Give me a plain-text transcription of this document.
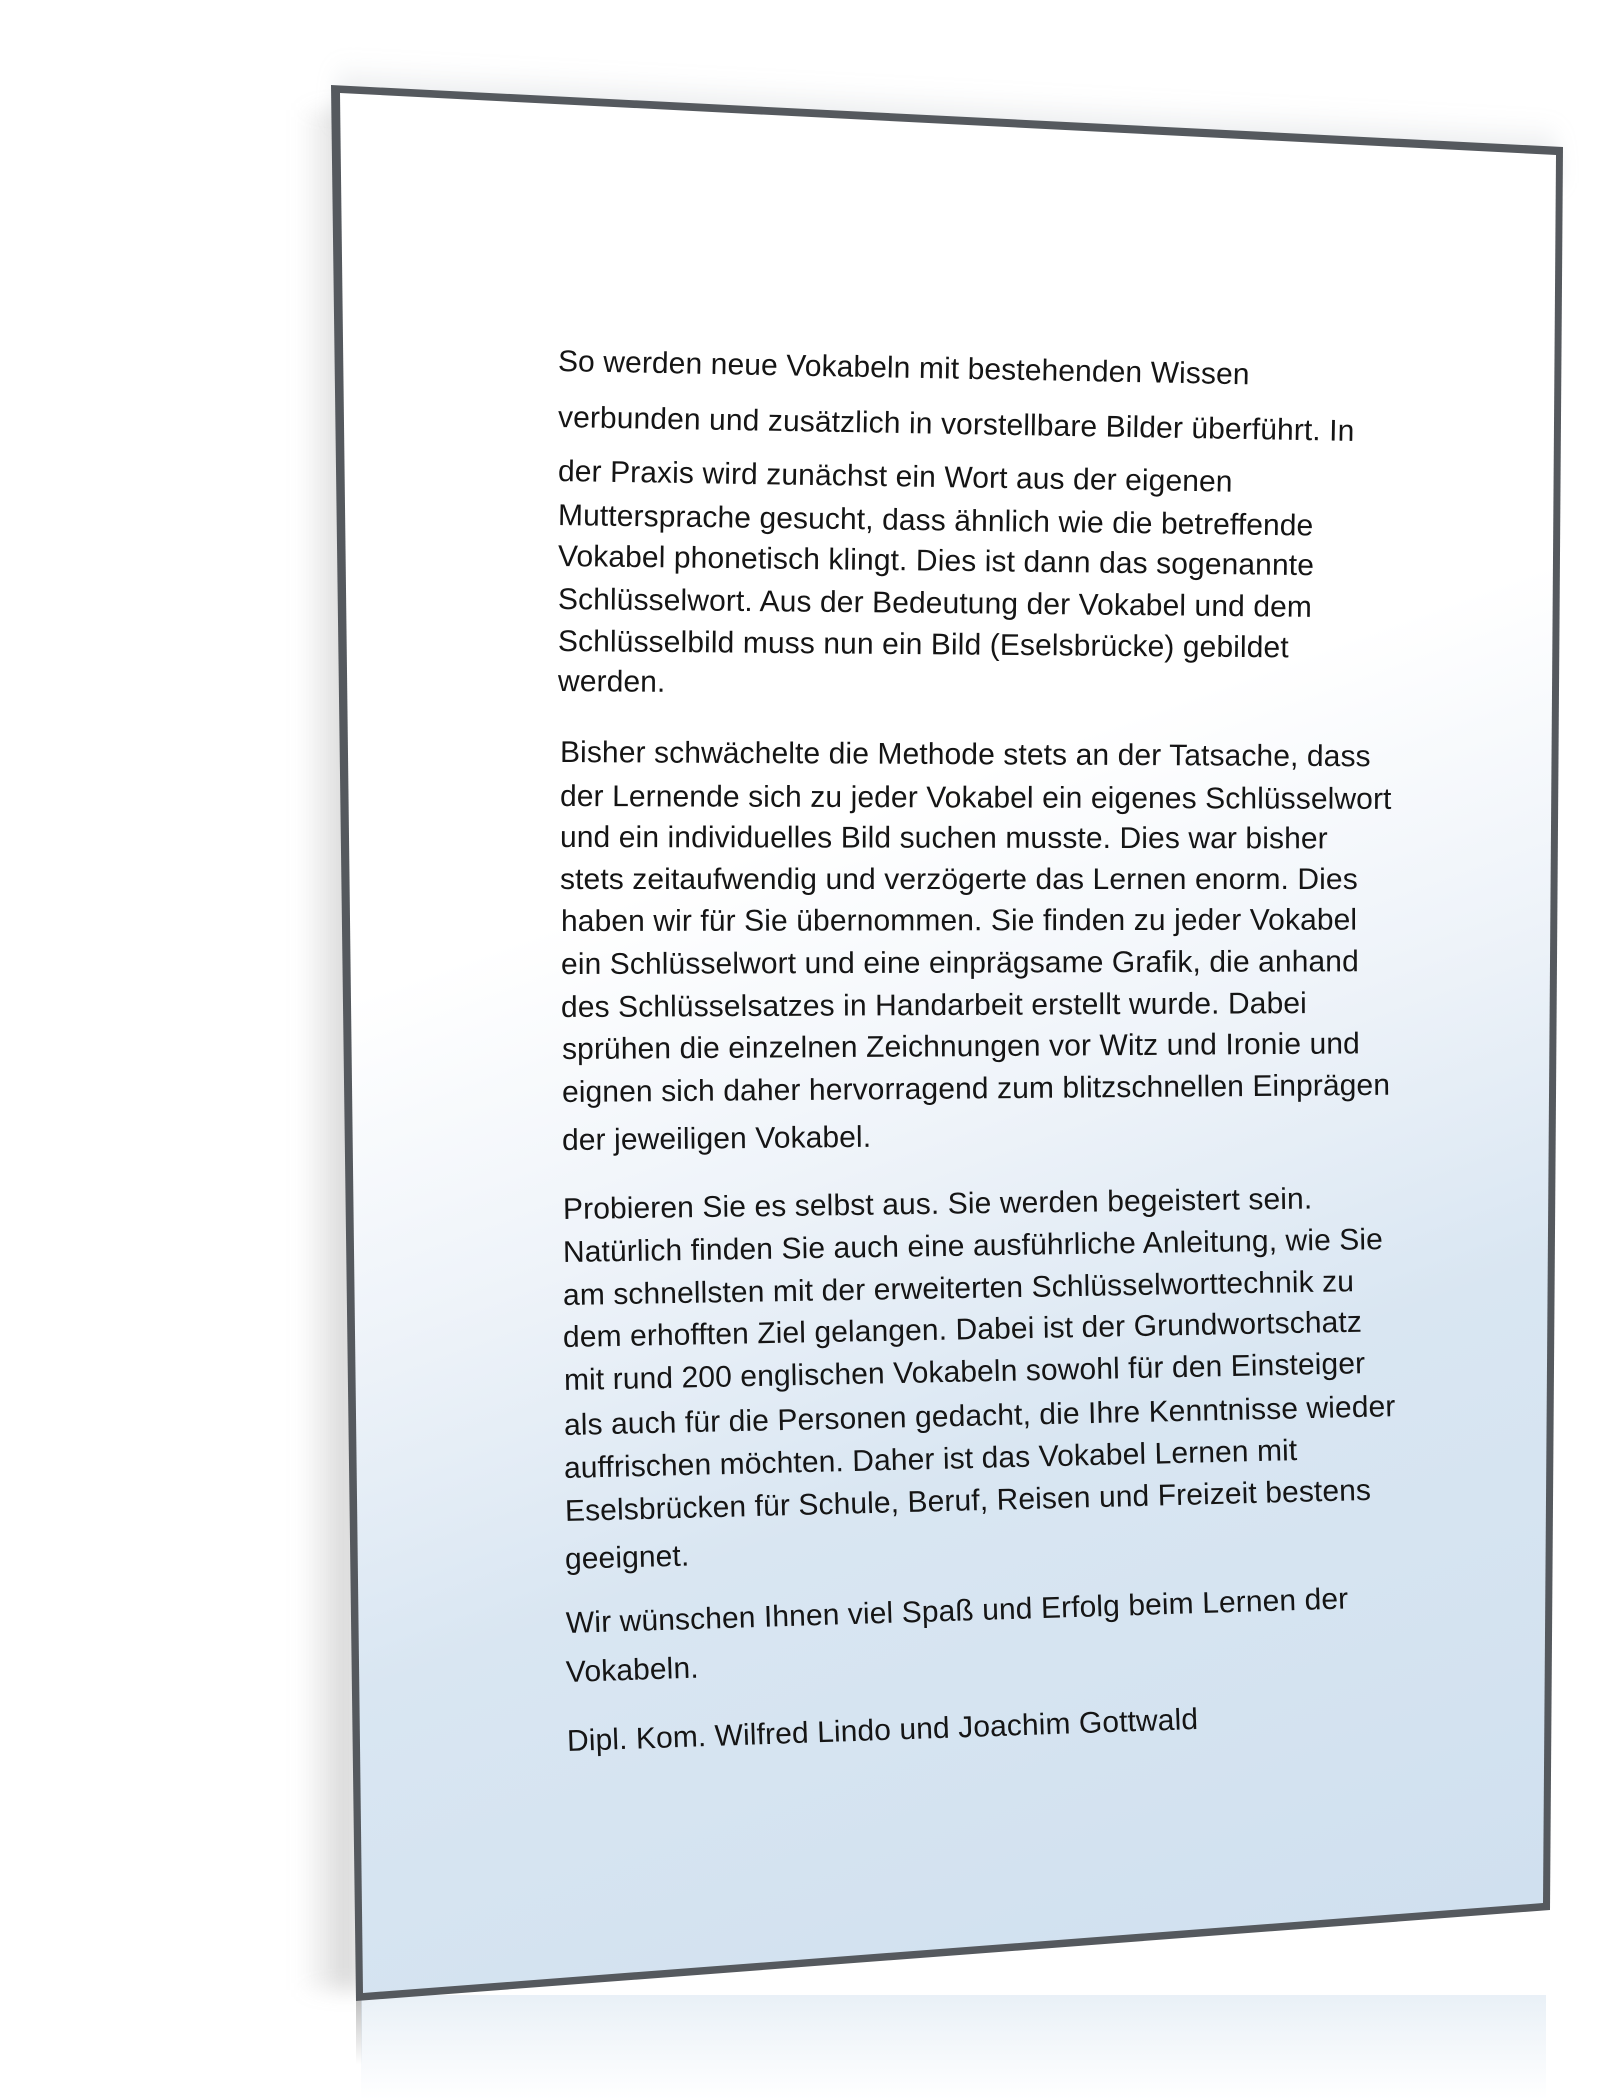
So werden neue Vokabeln mit bestehenden Wissen
verbunden und zusätzlich in vorstellbare Bilder überführt. In
der Praxis wird zunächst ein Wort aus der eigenen
Muttersprache gesucht, dass ähnlich wie die betreffende
Vokabel phonetisch klingt. Dies ist dann das sogenannte
Schlüsselwort. Aus der Bedeutung der Vokabel und dem
Schlüsselbild muss nun ein Bild (Eselsbrücke) gebildet
werden.
Bisher schwächelte die Methode stets an der Tatsache, dass
der Lernende sich zu jeder Vokabel ein eigenes Schlüsselwort
und ein individuelles Bild suchen musste. Dies war bisher
stets zeitaufwendig und verzögerte das Lernen enorm. Dies
haben wir für Sie übernommen. Sie finden zu jeder Vokabel
ein Schlüsselwort und eine einprägsame Grafik, die anhand
des Schlüsselsatzes in Handarbeit erstellt wurde. Dabei
sprühen die einzelnen Zeichnungen vor Witz und Ironie und
eignen sich daher hervorragend zum blitzschnellen Einprägen
der jeweiligen Vokabel.
Probieren Sie es selbst aus. Sie werden begeistert sein.
Natürlich finden Sie auch eine ausführliche Anleitung, wie Sie
am schnellsten mit der erweiterten Schlüsselworttechnik zu
dem erhofften Ziel gelangen. Dabei ist der Grundwortschatz
mit rund 200 englischen Vokabeln sowohl für den Einsteiger
als auch für die Personen gedacht, die Ihre Kenntnisse wieder
auffrischen möchten. Daher ist das Vokabel Lernen mit
Eselsbrücken für Schule, Beruf, Reisen und Freizeit bestens
geeignet.
Wir wünschen Ihnen viel Spaß und Erfolg beim Lernen der
Vokabeln.
Dipl. Kom. Wilfred Lindo und Joachim Gottwald
